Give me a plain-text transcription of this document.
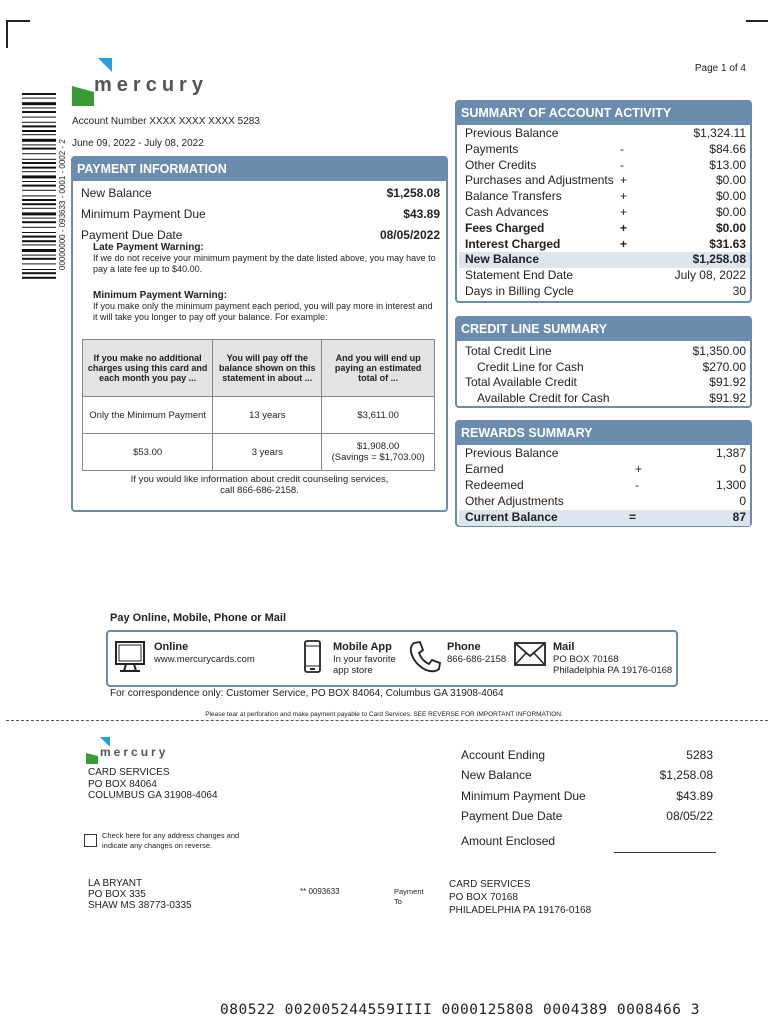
Page 1 of 4
00000000 - 093633 - 0001 - 0002 - 2
mercury
Account Number XXXX XXXX XXXX 5283
June 09, 2022 - July 08, 2022
PAYMENT INFORMATION
New Balance	$1,258.08
Minimum Payment Due	$43.89
Payment Due Date	08/05/2022
Late Payment Warning:
If we do not receive your minimum payment by the date listed above, you may have to pay a late fee up to $40.00.
Minimum Payment Warning:
If you make only the minimum payment each period, you will pay more in interest and it will take you longer to pay off your balance. For example:
If you make no additional charges using this card and each month you pay ...	You will pay off the balance shown on this statement in about ...	And you will end up paying an estimated total of ...
Only the Minimum Payment	13 years	$3,611.00
$53.00	3 years	$1,908.00
(Savings = $1,703.00)
If you would like information about credit counseling services,
call 866-686-2158.
SUMMARY OF ACCOUNT ACTIVITY
Previous Balance	$1,324.11
Payments	-	$84.66
Other Credits	-	$13.00
Purchases and Adjustments +	$0.00
Balance Transfers	+	$0.00
Cash Advances	+	$0.00
Fees Charged	+	$0.00
Interest Charged	+	$31.63
New Balance	$1,258.08
Statement End Date	July 08, 2022
Days in Billing Cycle	30
CREDIT LINE SUMMARY
Total Credit Line	$1,350.00
Credit Line for Cash	$270.00
Total Available Credit	$91.92
Available Credit for Cash	$91.92
REWARDS SUMMARY
Previous Balance	1,387
Earned	+	0
Redeemed	-	1,300
Other Adjustments	0
Current Balance	=	87
Pay Online, Mobile, Phone or Mail
Online
www.mercurycards.com
Mobile App
In your favorite
app store
Phone
866-686-2158
Mail
PO BOX 70168
Philadelphia PA 19176-0168
For correspondence only: Customer Service, PO BOX 84064, Columbus GA 31908-4064
Please tear at perforation and make payment payable to Card Services. SEE REVERSE FOR IMPORTANT INFORMATION.
mercury
CARD SERVICES
PO BOX 84064
COLUMBUS GA 31908-4064
Account Ending	5283
New Balance	$1,258.08
Minimum Payment Due	$43.89
Payment Due Date	08/05/22
Amount Enclosed
Check here for any address changes and
indicate any changes on reverse.
LA BRYANT
PO BOX 335
SHAW MS 38773-0335
** 0093633	Payment
To
CARD SERVICES
PO BOX 70168
PHILADELPHIA PA 19176-0168
080522 002005244559IIII 0000125808 0004389 0008466 3
